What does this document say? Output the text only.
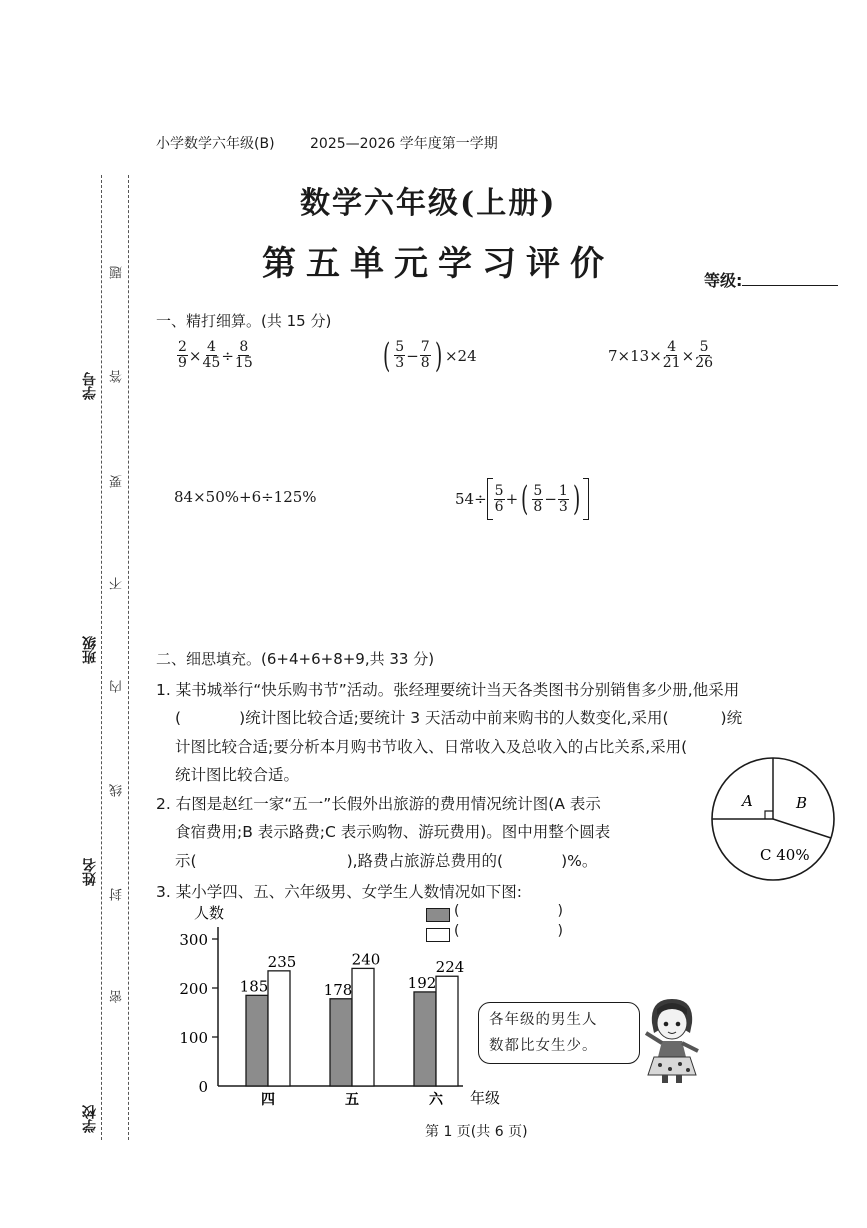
学号
班级
姓名
学校
题
答
要
不
内
线
封
密
小学数学六年级(B)	2025—2026 学年度第一学期
数学六年级(上册)
第五单元学习评价	等级:
一、精打细算。(共 15 分)
$\frac{2}{9} \times \frac{4}{45} \div \frac{8}{15}$	( $\frac{5}{3} - \frac{7}{8}$ ) ×24	$7\times 13\times \frac{4}{21} \times \frac{5}{26}$
84×50%+6÷125%	$54\div \frac{5}{6}$ + ( $\frac{5}{8} - \frac{1}{3}$ )
二、细思填充。(6+4+6+8+9,共 33 分)
1. 某书城举行“快乐购书节”活动。张经理要统计当天各类图书分别销售多少册,他采用
(	)统计图比较合适;要统计 3 天活动中前来购书的人数变化,采用(	)统
计图比较合适;要分析本月购书节收入、日常收入及总收入的占比关系,采用(
统计图比较合适。
2. 右图是赵红一家“五一”长假外出旅游的费用情况统计图(A 表示
食宿费用;B 表示路费;C 表示购物、游玩费用)。图中用整个圆表
示(	),路费占旅游总费用的(	)%。
A	B
C 40%
3. 某小学四、五、六年级男、女学生人数情况如下图:
(	)
(	)
人数
年级
0
100
200
300
185
235
四
178
240
五
192
224
六
各年级的男生人
数都比女生少。
第 1 页(共 6 页)
